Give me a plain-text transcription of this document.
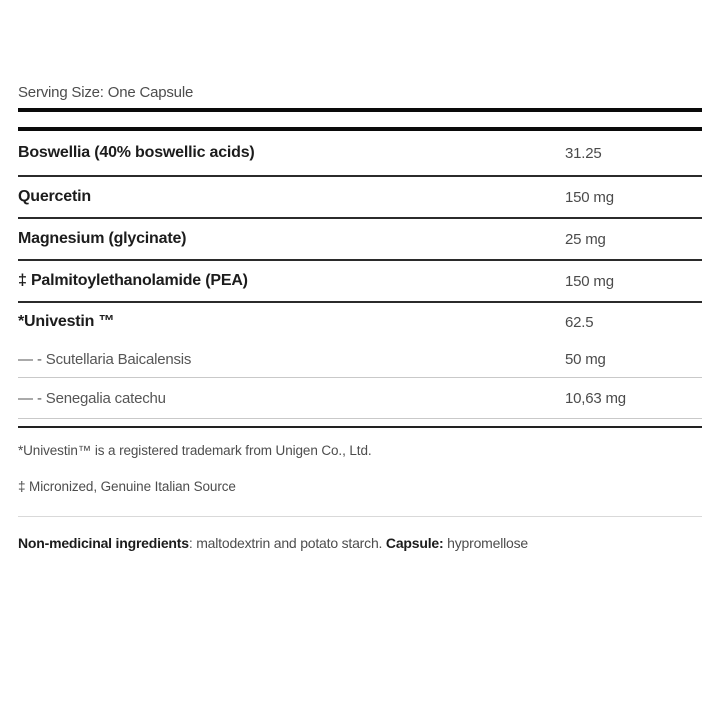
Serving Size: One Capsule
Boswellia (40% boswellic acids)	31.25
Quercetin	150 mg
Magnesium (glycinate)	25 mg
‡ Palmitoylethanolamide (PEA)	150 mg
*Univestin ™	62.5
— - Scutellaria Baicalensis	50 mg
— - Senegalia catechu	10,63 mg
*Univestin™ is a registered trademark from Unigen Co., Ltd.
‡ Micronized, Genuine Italian Source
Non-medicinal ingredients: maltodextrin and potato starch. Capsule: hypromellose
